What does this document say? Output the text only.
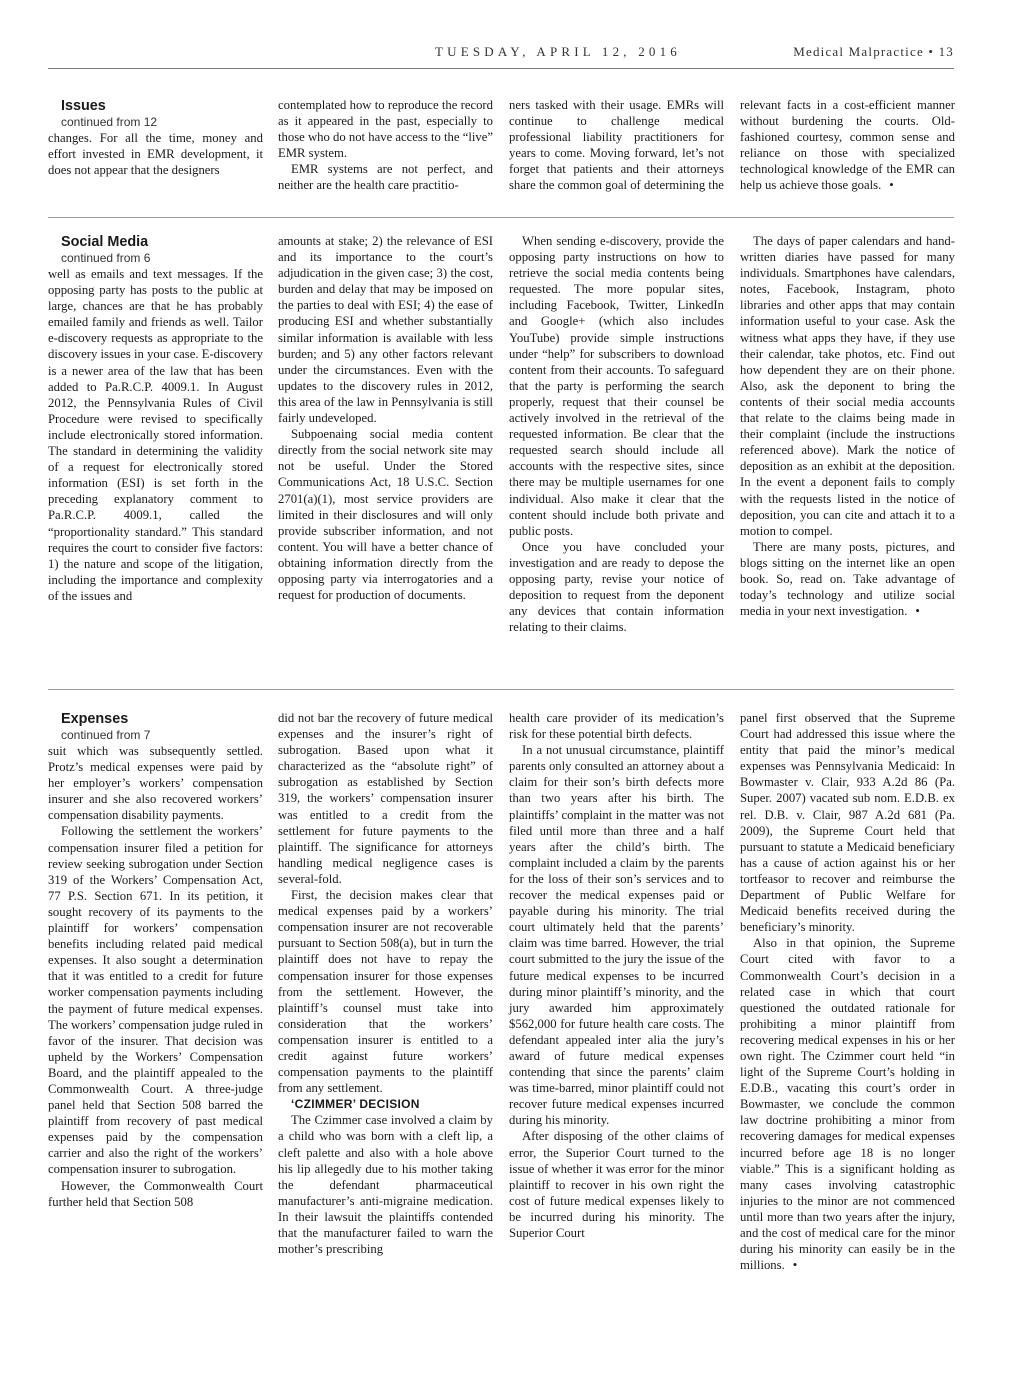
TUESDAY, APRIL 12, 2016	Medical Malpractice • 13

Issues

continued from 12

changes. For all the time, money and effort invested in EMR development, it does not appear that the designers

contemplated how to reproduce the record as it appeared in the past, especially to those who do not have access to the “live” EMR system.

EMR systems are not perfect, and neither are the health care practitio-

ners tasked with their usage. EMRs will continue to challenge medical professional liability practitioners for years to come. Moving forward, let’s not forget that patients and their attorneys share the common goal of determining the

relevant facts in a cost-efficient manner without burdening the courts. Old-fashioned courtesy, common sense and reliance on those with specialized technological knowledge of the EMR can help us achieve those goals. •

Social Media

continued from 6

well as emails and text messages. If the opposing party has posts to the public at large, chances are that he has probably emailed family and friends as well. Tailor e-discovery requests as appropriate to the discovery issues in your case. E-discovery is a newer area of the law that has been added to Pa.R.C.P. 4009.1. In August 2012, the Pennsylvania Rules of Civil Procedure were revised to specifically include electronically stored information. The standard in determining the validity of a request for electronically stored information (ESI) is set forth in the preceding explanatory comment to Pa.R.C.P. 4009.1, called the “proportionality standard.” This standard requires the court to consider five factors: 1) the nature and scope of the litigation, including the importance and complexity of the issues and

amounts at stake; 2) the relevance of ESI and its importance to the court’s adjudication in the given case; 3) the cost, burden and delay that may be imposed on the parties to deal with ESI; 4) the ease of producing ESI and whether substantially similar information is available with less burden; and 5) any other factors relevant under the circumstances. Even with the updates to the discovery rules in 2012, this area of the law in Pennsylvania is still fairly undeveloped.

Subpoenaing social media content directly from the social network site may not be useful. Under the Stored Communications Act, 18 U.S.C. Section 2701(a)(1), most service providers are limited in their disclosures and will only provide subscriber information, and not content. You will have a better chance of obtaining information directly from the opposing party via interrogatories and a request for production of documents.

When sending e-discovery, provide the opposing party instructions on how to retrieve the social media contents being requested. The more popular sites, including Facebook, Twitter, LinkedIn and Google+ (which also includes YouTube) provide simple instructions under “help” for subscribers to download content from their accounts. To safeguard that the party is performing the search properly, request that their counsel be actively involved in the retrieval of the requested information. Be clear that the requested search should include all accounts with the respective sites, since there may be multiple usernames for one individual. Also make it clear that the content should include both private and public posts.

Once you have concluded your investigation and are ready to depose the opposing party, revise your notice of deposition to request from the deponent any devices that contain information relating to their claims.

The days of paper calendars and hand-written diaries have passed for many individuals. Smartphones have calendars, notes, Facebook, Instagram, photo libraries and other apps that may contain information useful to your case. Ask the witness what apps they have, if they use their calendar, take photos, etc. Find out how dependent they are on their phone. Also, ask the deponent to bring the contents of their social media accounts that relate to the claims being made in their complaint (include the instructions referenced above). Mark the notice of deposition as an exhibit at the deposition. In the event a deponent fails to comply with the requests listed in the notice of deposition, you can cite and attach it to a motion to compel.

There are many posts, pictures, and blogs sitting on the internet like an open book. So, read on. Take advantage of today’s technology and utilize social media in your next investigation. •

Expenses

continued from 7

suit which was subsequently settled. Protz’s medical expenses were paid by her employer’s workers’ compensation insurer and she also recovered workers’ compensation disability payments.

Following the settlement the workers’ compensation insurer filed a petition for review seeking subrogation under Section 319 of the Workers’ Compensation Act, 77 P.S. Section 671. In its petition, it sought recovery of its payments to the plaintiff for workers’ compensation benefits including related paid medical expenses. It also sought a determination that it was entitled to a credit for future worker compensation payments including the payment of future medical expenses. The workers’ compensation judge ruled in favor of the insurer. That decision was upheld by the Workers’ Compensation Board, and the plaintiff appealed to the Commonwealth Court. A three-judge panel held that Section 508 barred the plaintiff from recovery of past medical expenses paid by the compensation carrier and also the right of the workers’ compensation insurer to subrogation.

However, the Commonwealth Court further held that Section 508

did not bar the recovery of future medical expenses and the insurer’s right of subrogation. Based upon what it characterized as the “absolute right” of subrogation as established by Section 319, the workers’ compensation insurer was entitled to a credit from the settlement for future payments to the plaintiff. The significance for attorneys handling medical negligence cases is several-fold.

First, the decision makes clear that medical expenses paid by a workers’ compensation insurer are not recoverable pursuant to Section 508(a), but in turn the plaintiff does not have to repay the compensation insurer for those expenses from the settlement. However, the plaintiff’s counsel must take into consideration that the workers’ compensation insurer is entitled to a credit against future workers’ compensation payments to the plaintiff from any settlement.

‘CZIMMER’ DECISION

The Czimmer case involved a claim by a child who was born with a cleft lip, a cleft palette and also with a hole above his lip allegedly due to his mother taking the defendant pharmaceutical manufacturer’s anti-migraine medication. In their lawsuit the plaintiffs contended that the manufacturer failed to warn the mother’s prescribing

health care provider of its medication’s risk for these potential birth defects.

In a not unusual circumstance, plaintiff parents only consulted an attorney about a claim for their son’s birth defects more than two years after his birth. The plaintiffs’ complaint in the matter was not filed until more than three and a half years after the child’s birth. The complaint included a claim by the parents for the loss of their son’s services and to recover the medical expenses paid or payable during his minority. The trial court ultimately held that the parents’ claim was time barred. However, the trial court submitted to the jury the issue of the future medical expenses to be incurred during minor plaintiff’s minority, and the jury awarded him approximately $562,000 for future health care costs. The defendant appealed inter alia the jury’s award of future medical expenses contending that since the parents’ claim was time-barred, minor plaintiff could not recover future medical expenses incurred during his minority.

After disposing of the other claims of error, the Superior Court turned to the issue of whether it was error for the minor plaintiff to recover in his own right the cost of future medical expenses likely to be incurred during his minority. The Superior Court

panel first observed that the Supreme Court had addressed this issue where the entity that paid the minor’s medical expenses was Pennsylvania Medicaid: In Bowmaster v. Clair, 933 A.2d 86 (Pa. Super. 2007) vacated sub nom. E.D.B. ex rel. D.B. v. Clair, 987 A.2d 681 (Pa. 2009), the Supreme Court held that pursuant to statute a Medicaid beneficiary has a cause of action against his or her tortfeasor to recover and reimburse the Department of Public Welfare for Medicaid benefits received during the beneficiary’s minority.

Also in that opinion, the Supreme Court cited with favor to a Commonwealth Court’s decision in a related case in which that court questioned the outdated rationale for prohibiting a minor plaintiff from recovering medical expenses in his or her own right. The Czimmer court held “in light of the Supreme Court’s holding in E.D.B., vacating this court’s order in Bowmaster, we conclude the common law doctrine prohibiting a minor from recovering damages for medical expenses incurred before age 18 is no longer viable.” This is a significant holding as many cases involving catastrophic injuries to the minor are not commenced until more than two years after the injury, and the cost of medical care for the minor during his minority can easily be in the millions. •
